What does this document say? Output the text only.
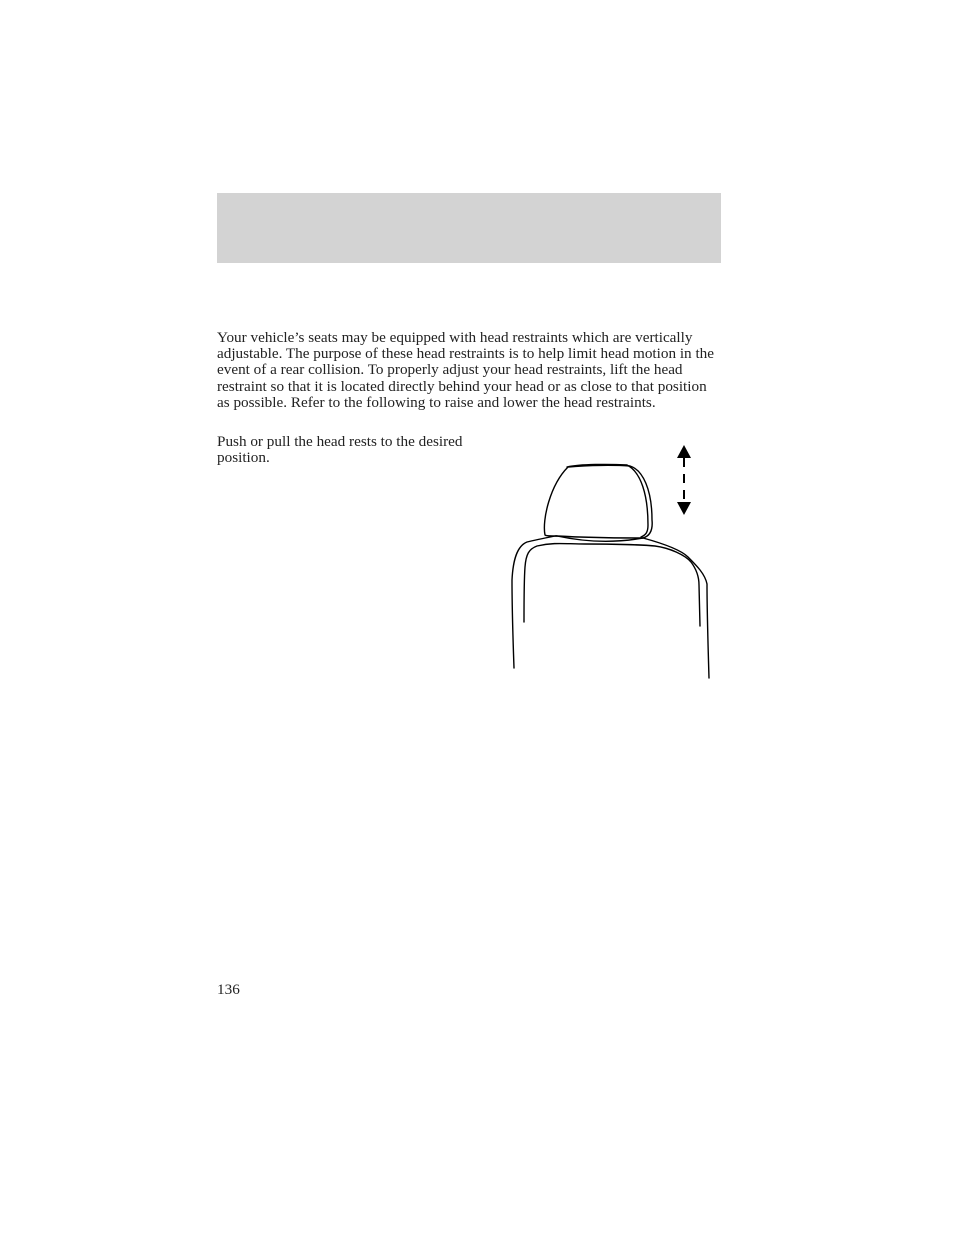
Your vehicle’s seats may be equipped with head restraints which are vertically adjustable. The purpose of these head restraints is to help limit head motion in the event of a rear collision. To properly adjust your head restraints, lift the head restraint so that it is located directly behind your head or as close to that position as possible. Refer to the following to raise and lower the head restraints.

Push or pull the head rests to the desired position.

136
